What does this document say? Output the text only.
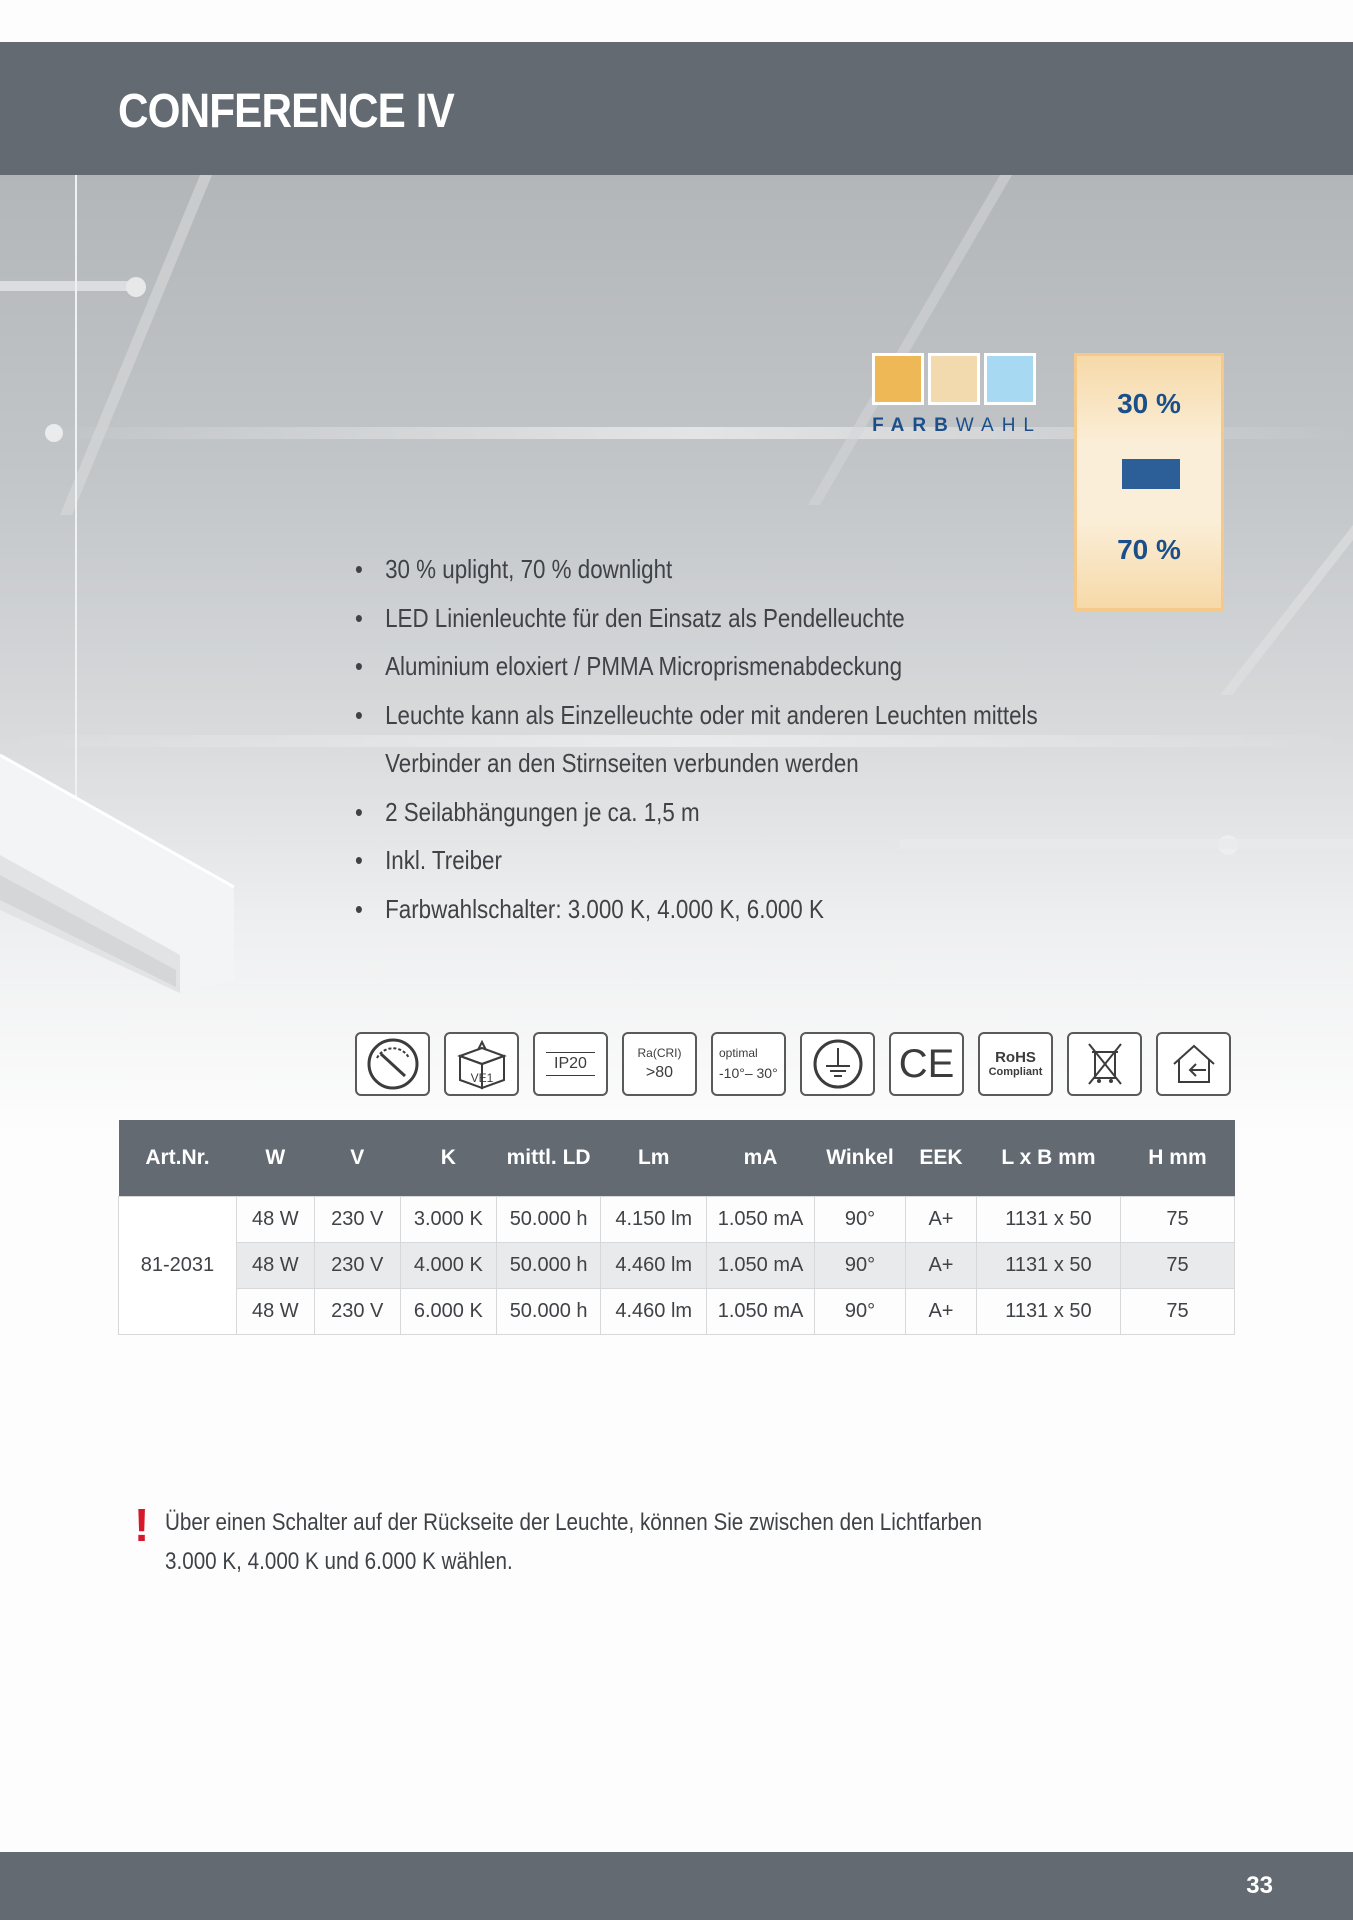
CONFERENCE IV
FARBWAHL
30 %
70 %
• 30 % uplight, 70 % downlight
• LED Linienleuchte für den Einsatz als Pendelleuchte
• Aluminium eloxiert / PMMA Microprismenabdeckung
• Leuchte kann als Einzelleuchte oder mit anderen Leuchten mittels
Verbinder an den Stirnseiten verbunden werden
• 2 Seilabhängungen je ca. 1,5 m
• Inkl. Treiber
• Farbwahlschalter: 3.000 K, 4.000 K, 6.000 K
VE1
IP20
Ra(CRI)
>80
optimal
-10°– 30°	CE	RoHS
Compliant
Art.Nr.	W	V	K	mittl. LD	Lm	mA	Winkel	EEK	L x B mm	H mm
81-2031	48 W	230 V	3.000 K	50.000 h	4.150 lm	1.050 mA	90°	A+	1131 x 50	75
	48 W	230 V	4.000 K	50.000 h	4.460 lm	1.050 mA	90°	A+	1131 x 50	75
	48 W	230 V	6.000 K	50.000 h	4.460 lm	1.050 mA	90°	A+	1131 x 50	75
! Über einen Schalter auf der Rückseite der Leuchte, können Sie zwischen den Lichtfarben
3.000 K, 4.000 K und 6.000 K wählen.
33
